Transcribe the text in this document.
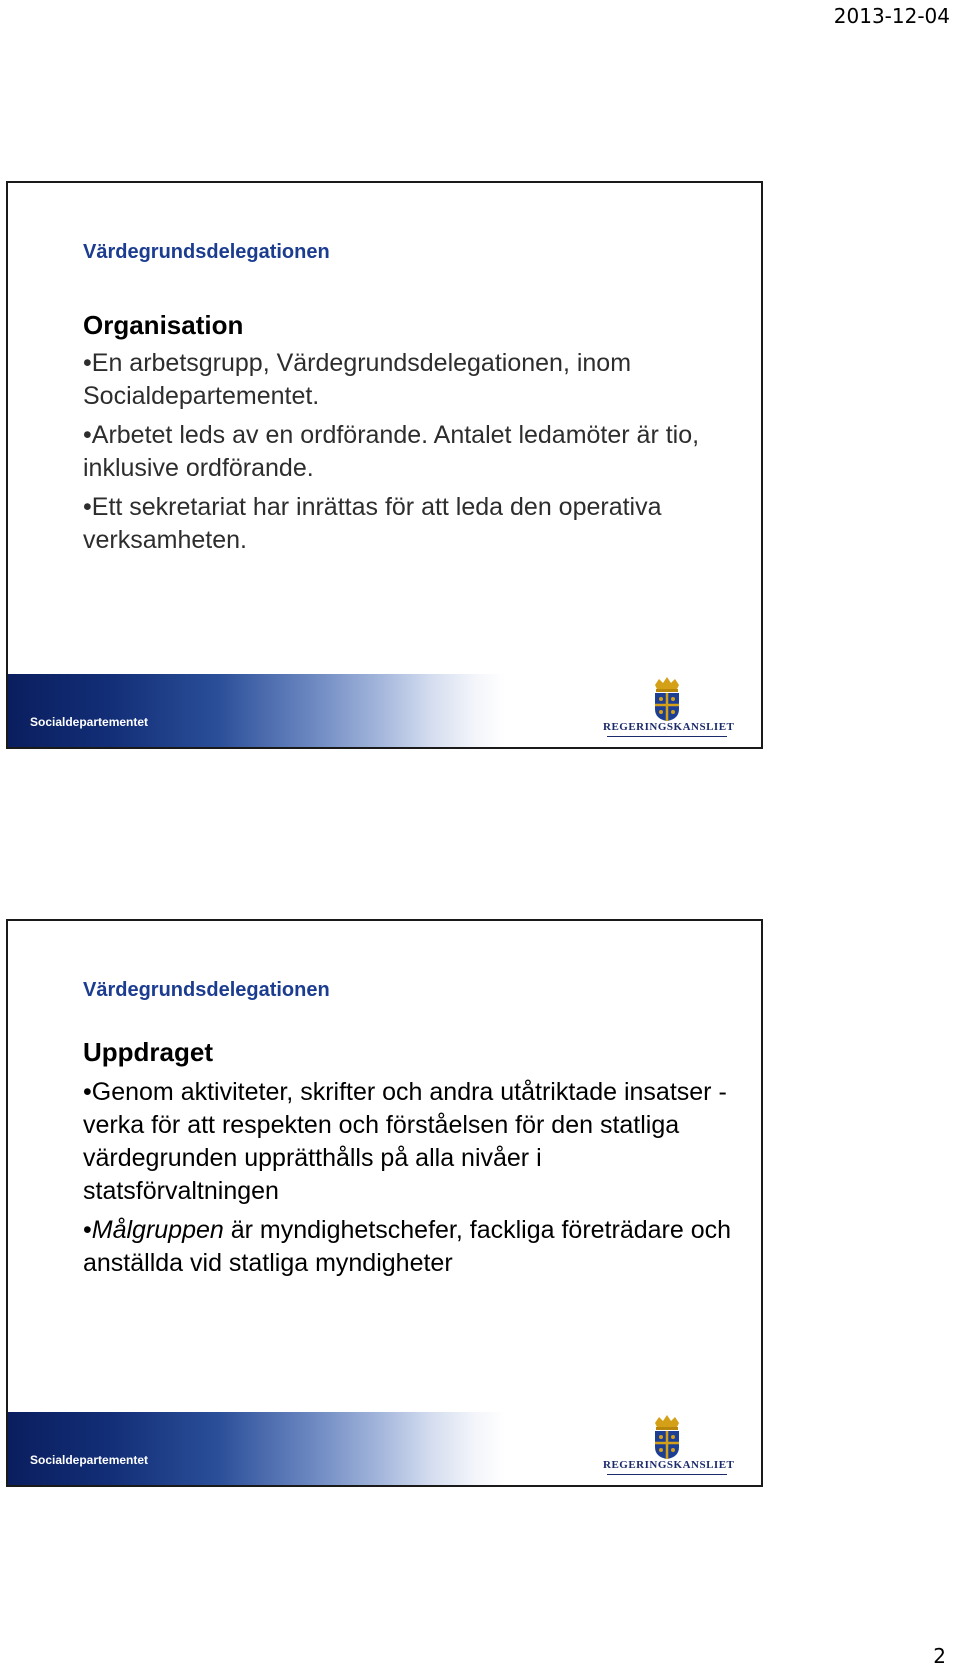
2013-12-04
Värdegrundsdelegationen
Organisation

• En arbetsgrupp, Värdegrundsdelegationen, inom Socialdepartementet.

• Arbetet leds av en ordförande. Antalet ledamöter är tio, inklusive ordförande.

• Ett sekretariat har inrättas för att leda den operativa verksamheten.

Socialdepartementet	REGERINGSKANSLIET
Värdegrundsdelegationen
Uppdraget

• Genom aktiviteter, skrifter och andra utåtriktade insatser - verka för att respekten och förståelsen för den statliga värdegrunden upprätthålls på alla nivåer i statsförvaltningen

• Målgruppen är myndighetschefer, fackliga företrädare och anställda vid statliga myndigheter

Socialdepartementet	REGERINGSKANSLIET
2
